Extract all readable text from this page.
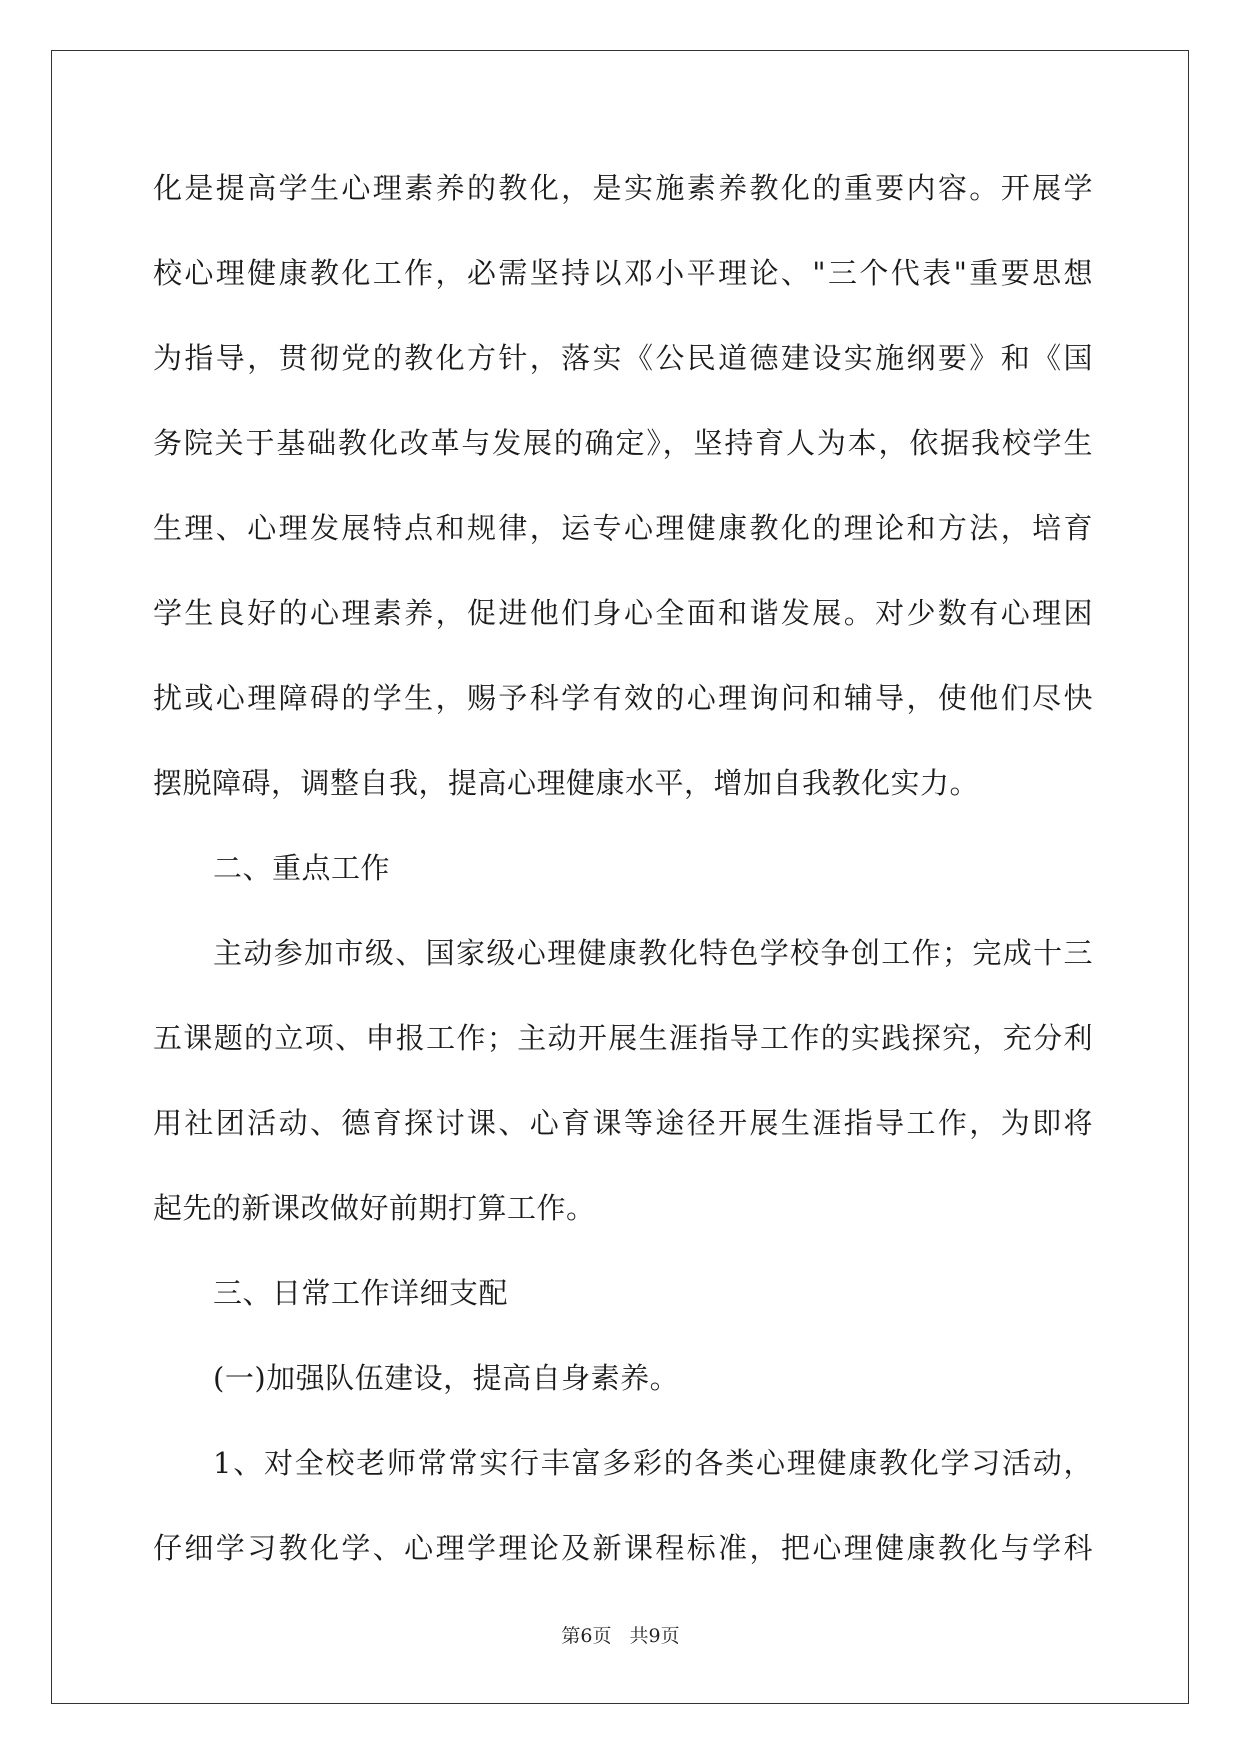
化是提高学生心理素养的教化，是实施素养教化的重要内容。开展学
校心理健康教化工作，必需坚持以邓小平理论、"三个代表"重要思想
为指导，贯彻党的教化方针，落实《公民道德建设实施纲要》和《国
务院关于基础教化改革与发展的确定》，坚持育人为本，依据我校学生
生理、心理发展特点和规律，运专心理健康教化的理论和方法，培育
学生良好的心理素养，促进他们身心全面和谐发展。对少数有心理困
扰或心理障碍的学生，赐予科学有效的心理询问和辅导，使他们尽快
摆脱障碍，调整自我，提高心理健康水平，增加自我教化实力。
二、重点工作
主动参加市级、国家级心理健康教化特色学校争创工作；完成十三
五课题的立项、申报工作；主动开展生涯指导工作的实践探究，充分利
用社团活动、德育探讨课、心育课等途径开展生涯指导工作，为即将
起先的新课改做好前期打算工作。
三、日常工作详细支配
(一)加强队伍建设，提高自身素养。
1、对全校老师常常实行丰富多彩的各类心理健康教化学习活动，
仔细学习教化学、心理学理论及新课程标准，把心理健康教化与学科
第6页 共9页
